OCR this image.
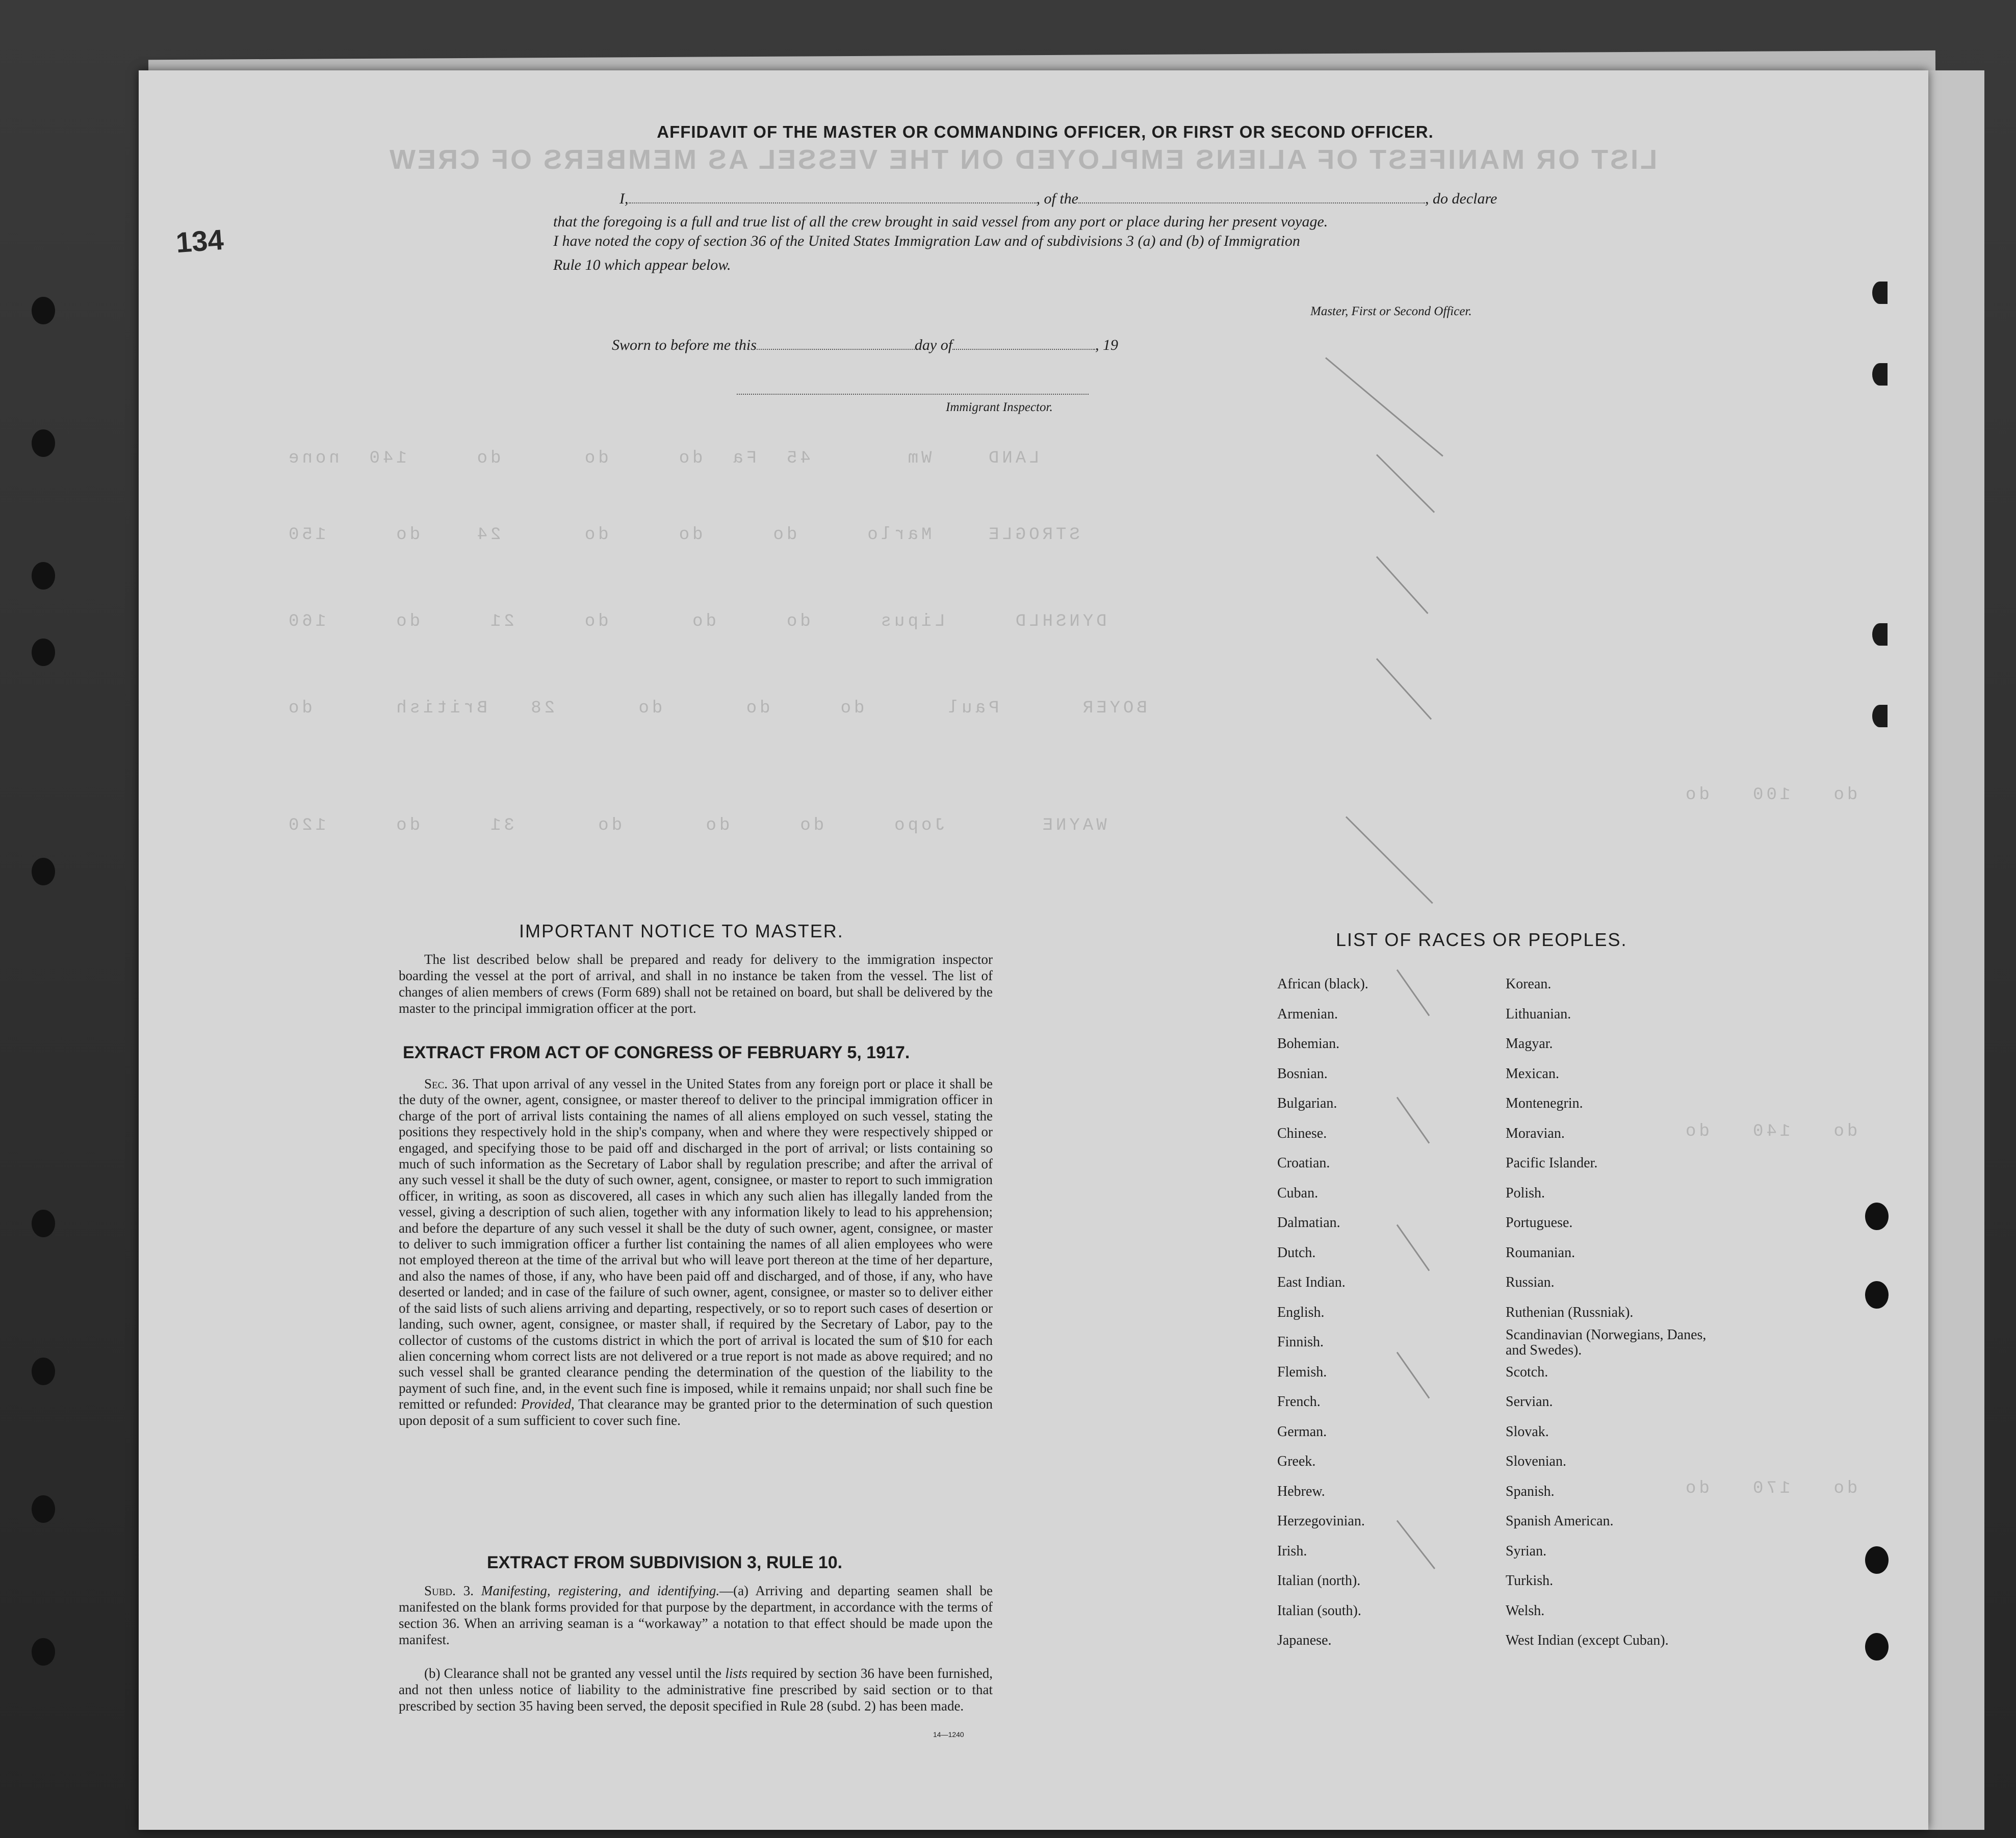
LIST OR MANIFEST OF ALIENS EMPLOYED ON THE VESSEL AS MEMBERS OF CREW
LAND    Wm       45  Fa  do     do      do     140  none
STROGLE    Marlo     do     do     do      24    do     150
DYNSHLD     Lipus     do     do      do     21     do     160
BOYER      Paul      do     do      do      28   British      do
WAYNE       Jopo     do     do      do      31     do     120
do   100   do
do   140   do
do   170   do
134
AFFIDAVIT OF THE MASTER OR COMMANDING OFFICER, OR FIRST OR SECOND OFFICER.
I,	, of the	, do declare
that the foregoing is a full and true list of all the crew brought in said vessel from any port or place during her present voyage.
I have noted the copy of section 36 of the United States Immigration Law and of subdivisions 3 (a) and (b) of Immigration
Rule 10 which appear below.
Master, First or Second Officer.
Sworn to before me this	day of	, 19
Immigrant Inspector.
IMPORTANT NOTICE TO MASTER.
The list described below shall be prepared and ready for delivery to the immigration inspector boarding the vessel at the port of arrival, and shall in no instance be taken from the vessel. The list of changes of alien members of crews (Form 689) shall not be retained on board, but shall be delivered by the master to the principal immigration officer at the port.
EXTRACT FROM ACT OF CONGRESS OF FEBRUARY 5, 1917.
Sec. 36. That upon arrival of any vessel in the United States from any foreign port or place it shall be the duty of the owner, agent, consignee, or master thereof to deliver to the principal immigration officer in charge of the port of arrival lists containing the names of all aliens employed on such vessel, stating the positions they respectively hold in the ship's company, when and where they were respectively shipped or engaged, and specifying those to be paid off and discharged in the port of arrival; or lists containing so much of such information as the Secretary of Labor shall by regulation prescribe; and after the arrival of any such vessel it shall be the duty of such owner, agent, consignee, or master to report to such immigration officer, in writing, as soon as discovered, all cases in which any such alien has illegally landed from the vessel, giving a description of such alien, together with any information likely to lead to his apprehension; and before the departure of any such vessel it shall be the duty of such owner, agent, consignee, or master to deliver to such immigration officer a further list containing the names of all alien employees who were not employed thereon at the time of the arrival but who will leave port thereon at the time of her departure, and also the names of those, if any, who have been paid off and discharged, and of those, if any, who have deserted or landed; and in case of the failure of such owner, agent, consignee, or master so to deliver either of the said lists of such aliens arriving and departing, respectively, or so to report such cases of desertion or landing, such owner, agent, consignee, or master shall, if required by the Secretary of Labor, pay to the collector of customs of the customs district in which the port of arrival is located the sum of $10 for each alien concerning whom correct lists are not delivered or a true report is not made as above required; and no such vessel shall be granted clearance pending the determination of the question of the liability to the payment of such fine, and, in the event such fine is imposed, while it remains unpaid; nor shall such fine be remitted or refunded: Provided, That clearance may be granted prior to the determination of such question upon deposit of a sum sufficient to cover such fine.
EXTRACT FROM SUBDIVISION 3, RULE 10.
Subd. 3. Manifesting, registering, and identifying.—(a) Arriving and departing seamen shall be manifested on the blank forms provided for that purpose by the department, in accordance with the terms of section 36. When an arriving seaman is a “workaway” a notation to that effect should be made upon the manifest.
(b) Clearance shall not be granted any vessel until the lists required by section 36 have been furnished, and not then unless notice of liability to the administrative fine prescribed by said section or to that prescribed by section 35 having been served, the deposit specified in Rule 28 (subd. 2) has been made.
14—1240
LIST OF RACES OR PEOPLES.
African (black).
Armenian.
Bohemian.
Bosnian.
Bulgarian.
Chinese.
Croatian.
Cuban.
Dalmatian.
Dutch.
East Indian.
English.
Finnish.
Flemish.
French.
German.
Greek.
Hebrew.
Herzegovinian.
Irish.
Italian (north).
Italian (south).
Japanese.
Korean.
Lithuanian.
Magyar.
Mexican.
Montenegrin.
Moravian.
Pacific Islander.
Polish.
Portuguese.
Roumanian.
Russian.
Ruthenian (Russniak).
Scandinavian (Norwegians, Danes, and Swedes).
Scotch.
Servian.
Slovak.
Slovenian.
Spanish.
Spanish American.
Syrian.
Turkish.
Welsh.
West Indian (except Cuban).
